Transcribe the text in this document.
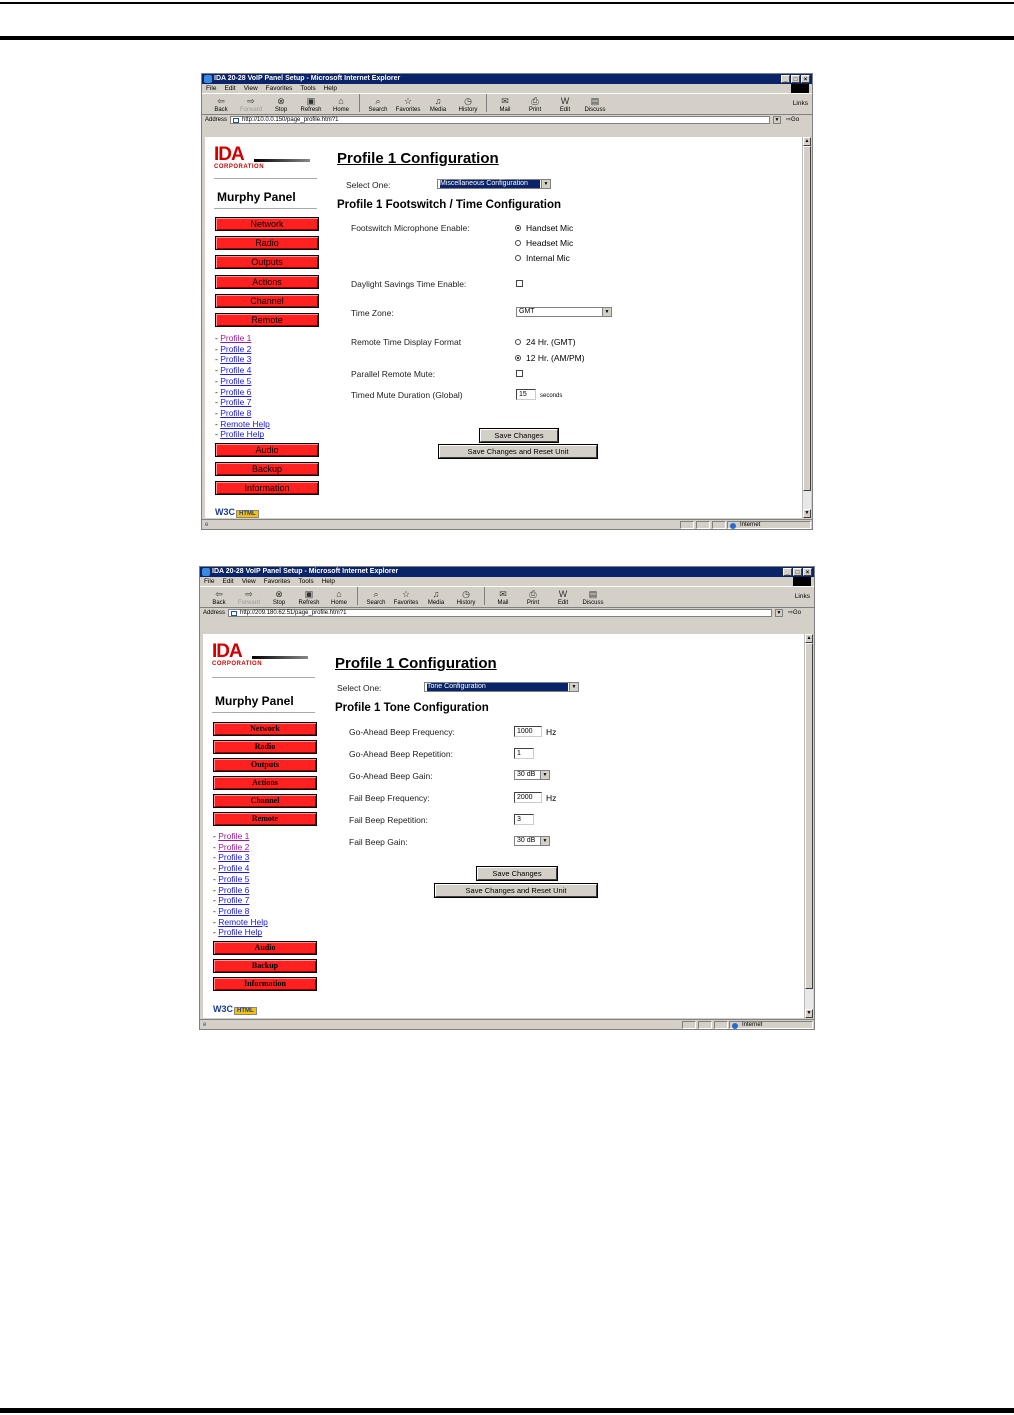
IDA 20-28 VoIP Panel Setup - Microsoft Internet Explorer	_	□	×
File Edit View Favorites Tools Help
⇦
Back
⇨
Forward
⊗
Stop
▣
Refresh
⌂
Home
⌕
Search
☆
Favorites
♫
Media
◷
History
✉
Mail
⎙
Print
W
Edit
▤
Discuss
Links
Address	http://10.0.0.150/page_profile.htm?1	▼ ⇨Go
IDA
CORPORATION
Murphy Panel
Network
Radio
Outputs
Actions
Channel
Remote
- Profile 1
- Profile 2
- Profile 3
- Profile 4
- Profile 5
- Profile 6
- Profile 7
- Profile 8
- Remote Help
- Profile Help
Audio
Backup
Information
W3C HTML
Profile 1 Configuration
Select One:	Miscellaneous Configuration	▼
Profile 1 Footswitch / Time Configuration
Footswitch Microphone Enable:	Handset Mic
Headset Mic
Internal Mic
Daylight Savings Time Enable:
Time Zone:	GMT	▼
Remote Time Display Format	24 Hr. (GMT)
12 Hr. (AM/PM)
Parallel Remote Mute:
Timed Mute Duration (Global)	15	seconds
Save Changes
Save Changes and Reset Unit
▲
▼
e	Internet
IDA 20-28 VoIP Panel Setup - Microsoft Internet Explorer	_	□	×
File Edit View Favorites Tools Help
⇦
Back
⇨
Forward
⊗
Stop
▣
Refresh
⌂
Home
⌕
Search
☆
Favorites
♫
Media
◷
History
✉
Mail
⎙
Print
W
Edit
▤
Discuss
Links
Address	http://209.180.62.51/page_profile.htm?1	▼ ⇨Go
IDA
CORPORATION
Murphy Panel
Network
Radio
Outputs
Actions
Channel
Remote
- Profile 1
- Profile 2
- Profile 3
- Profile 4
- Profile 5
- Profile 6
- Profile 7
- Profile 8
- Remote Help
- Profile Help
Audio
Backup
Information
W3C HTML
Profile 1 Configuration
Select One:	Tone Configuration	▼
Profile 1 Tone Configuration
Go-Ahead Beep Frequency:	1000	Hz
Go-Ahead Beep Repetition:	1
Go-Ahead Beep Gain:	30 dB	▼
Fail Beep Frequency:	2000	Hz
Fail Beep Repetition:	3
Fail Beep Gain:	30 dB	▼
Save Changes
Save Changes and Reset Unit
▲
▼
e	Internet
